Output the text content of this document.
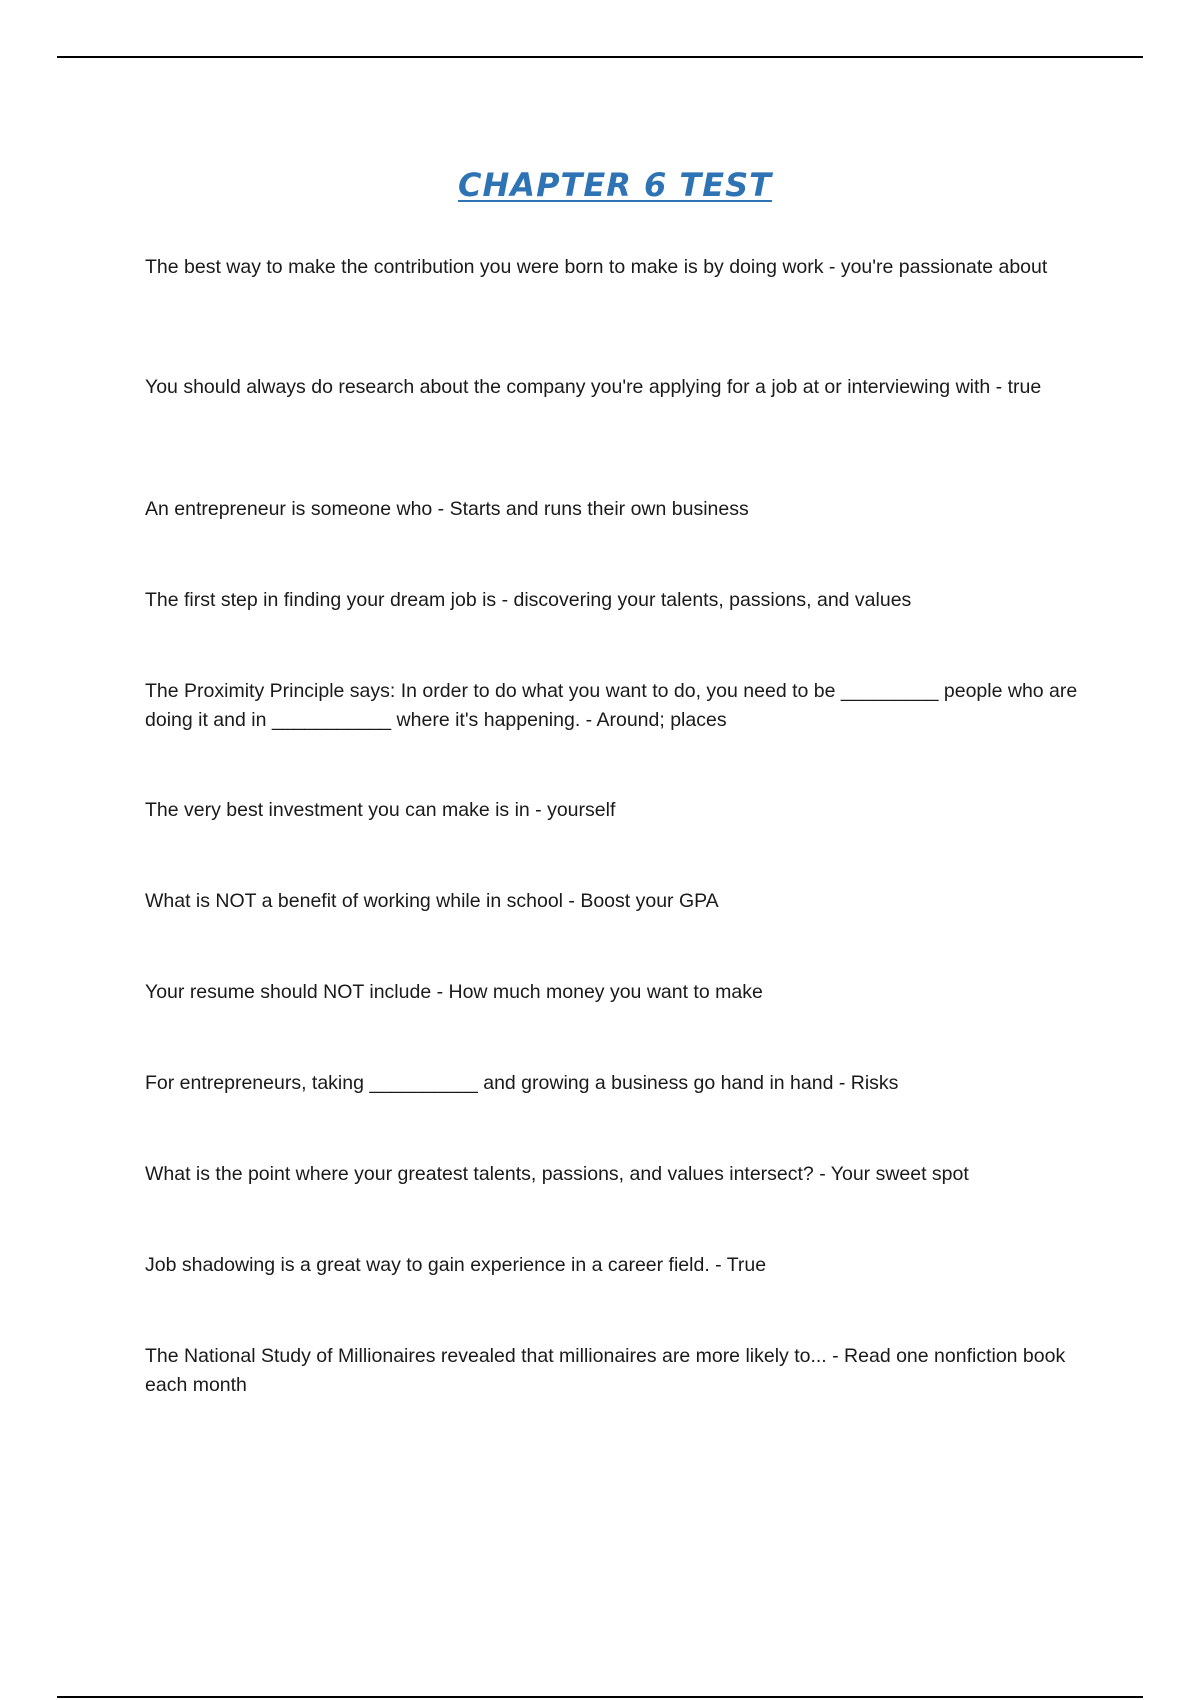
CHAPTER 6 TEST

The best way to make the contribution you were born to make is by doing work - you're passionate about

You should always do research about the company you're applying for a job at or interviewing with - true

An entrepreneur is someone who - Starts and runs their own business

The first step in finding your dream job is - discovering your talents, passions, and values

The Proximity Principle says: In order to do what you want to do, you need to be _________ people who are doing it and in ___________ where it's happening. - Around; places

The very best investment you can make is in - yourself

What is NOT a benefit of working while in school - Boost your GPA

Your resume should NOT include - How much money you want to make

For entrepreneurs, taking __________ and growing a business go hand in hand - Risks

What is the point where your greatest talents, passions, and values intersect? - Your sweet spot

Job shadowing is a great way to gain experience in a career field. - True

The National Study of Millionaires revealed that millionaires are more likely to... - Read one nonfiction book each month
